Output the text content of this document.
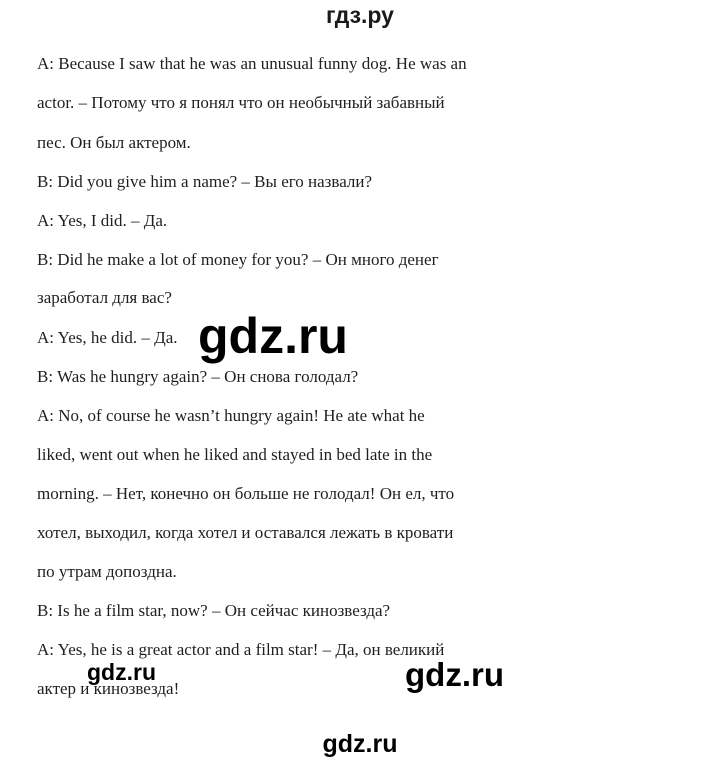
гдз.ру
A: Because I saw that he was an unusual funny dog. He was an
actor. – Потому что я понял что он необычный забавный
пес. Он был актером.
B: Did you give him a name? – Вы его назвали?
A: Yes, I did. – Да.
B: Did he make a lot of money for you? – Он много денег
заработал для вас?
A: Yes, he did. – Да.
B: Was he hungry again? – Он снова голодал?
A: No, of course he wasn’t hungry again! He ate what he
liked, went out when he liked and stayed in bed late in the
morning. – Нет, конечно он больше не голодал! Он ел, что
хотел, выходил, когда хотел и оставался лежать в кровати
по утрам допоздна.
B: Is he a film star, now? – Он сейчас кинозвезда?
A: Yes, he is a great actor and a film star! – Да, он великий
актер и кинозвезда!
gdz.ru
gdz.ru	gdz.ru
gdz.ru
